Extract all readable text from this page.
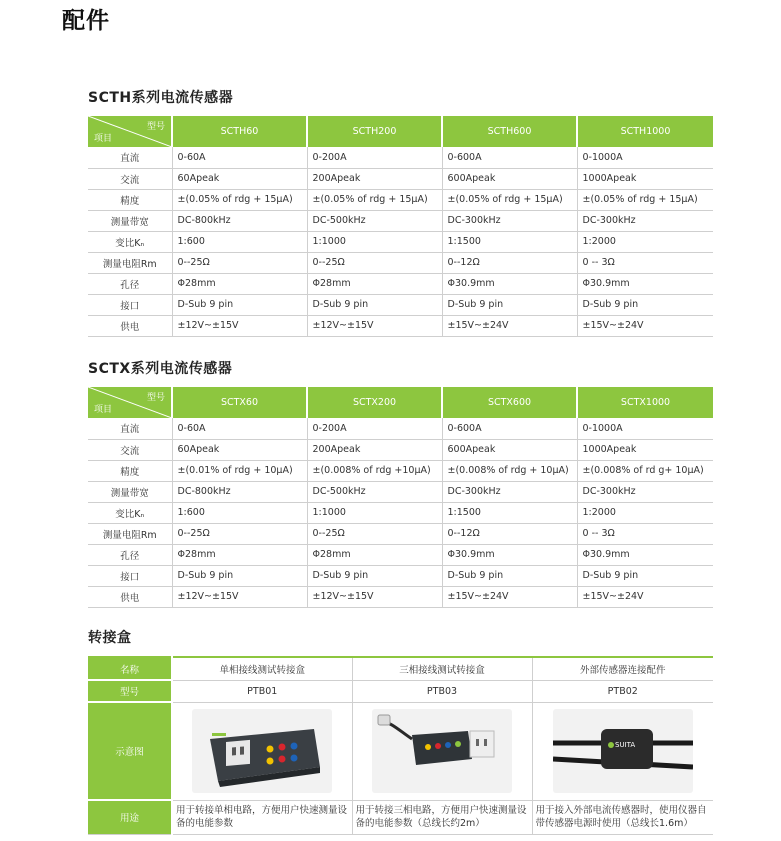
配件
SCTH系列电流传感器
型号
项目	SCTH60	SCTH200	SCTH600	SCTH1000
直流	0-60A	0-200A	0-600A	0-1000A
交流	60Apeak	200Apeak	600Apeak	1000Apeak
精度	±(0.05% of rdg + 15μA)	±(0.05% of rdg + 15μA)	±(0.05% of rdg + 15μA)	±(0.05% of rdg + 15μA)
测量带宽	DC-800kHz	DC-500kHz	DC-300kHz	DC-300kHz
变比Kₙ	1:600	1:1000	1:1500	1:2000
测量电阻Rm	0--25Ω	0--25Ω	0--12Ω	0 -- 3Ω
孔径	Φ28mm	Φ28mm	Φ30.9mm	Φ30.9mm
接口	D-Sub 9 pin	D-Sub 9 pin	D-Sub 9 pin	D-Sub 9 pin
供电	±12V~±15V	±12V~±15V	±15V~±24V	±15V~±24V
SCTX系列电流传感器
型号
项目	SCTX60	SCTX200	SCTX600	SCTX1000
直流	0-60A	0-200A	0-600A	0-1000A
交流	60Apeak	200Apeak	600Apeak	1000Apeak
精度	±(0.01% of rdg + 10μA)	±(0.008% of rdg +10μA)	±(0.008% of rdg + 10μA)	±(0.008% of rd g+ 10μA)
测量带宽	DC-800kHz	DC-500kHz	DC-300kHz	DC-300kHz
变比Kₙ	1:600	1:1000	1:1500	1:2000
测量电阻Rm	0--25Ω	0--25Ω	0--12Ω	0 -- 3Ω
孔径	Φ28mm	Φ28mm	Φ30.9mm	Φ30.9mm
接口	D-Sub 9 pin	D-Sub 9 pin	D-Sub 9 pin	D-Sub 9 pin
供电	±12V~±15V	±12V~±15V	±15V~±24V	±15V~±24V
转接盒
名称	单相接线测试转接盒	三相接线测试转接盒	外部传感器连接配件
型号	PTB01	PTB03	PTB02
示意图			SUITA

用途	用于转接单相电路，方便用户快速测量设备的电能参数	用于转接三相电路，方便用户快速测量设备的电能参数（总线长约2m）	用于接入外部电流传感器时，使用仪器自带传感器电源时使用（总线长1.6m）
